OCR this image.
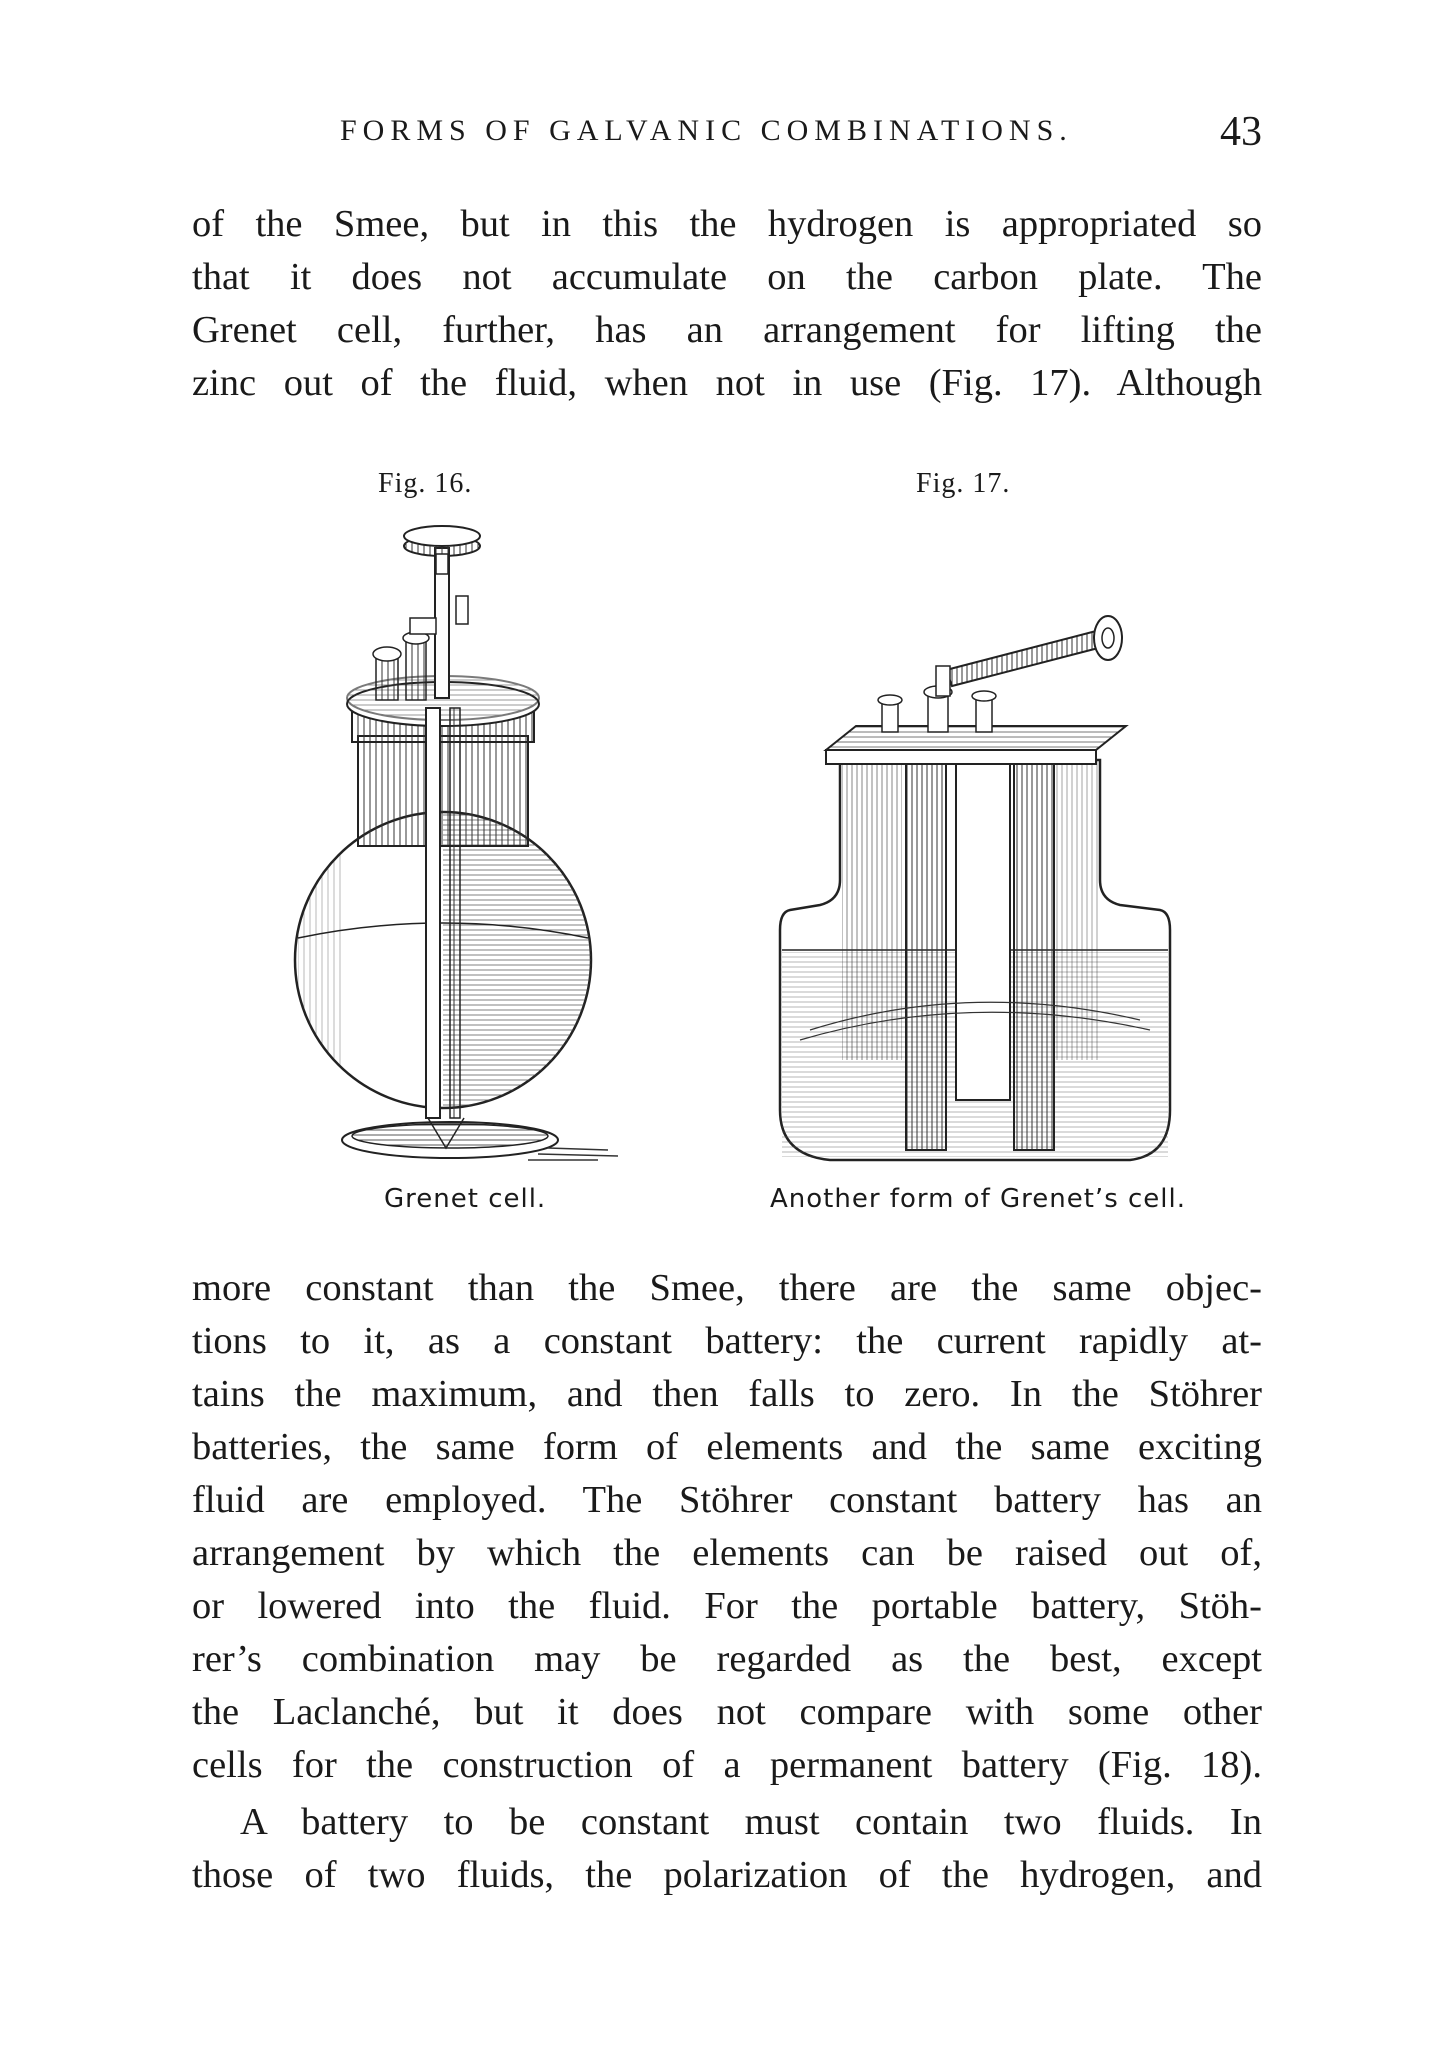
FORMS OF GALVANIC COMBINATIONS.	43
of the Smee, but in this the hydrogen is appropriated so
that it does not accumulate on the carbon plate. The
Grenet cell, further, has an arrangement for lifting the
zinc out of the fluid, when not in use (Fig. 17). Although
Fig. 16.	Fig. 17.
Grenet cell.	Another form of Grenet’s cell.
more constant than the Smee, there are the same objec-
tions to it, as a constant battery: the current rapidly at-
tains the maximum, and then falls to zero. In the Stöhrer
batteries, the same form of elements and the same exciting
fluid are employed. The Stöhrer constant battery has an
arrangement by which the elements can be raised out of,
or lowered into the fluid. For the portable battery, Stöh-
rer’s combination may be regarded as the best, except
the Laclanché, but it does not compare with some other
cells for the construction of a permanent battery (Fig. 18).
A battery to be constant must contain two fluids. In
those of two fluids, the polarization of the hydrogen, and
